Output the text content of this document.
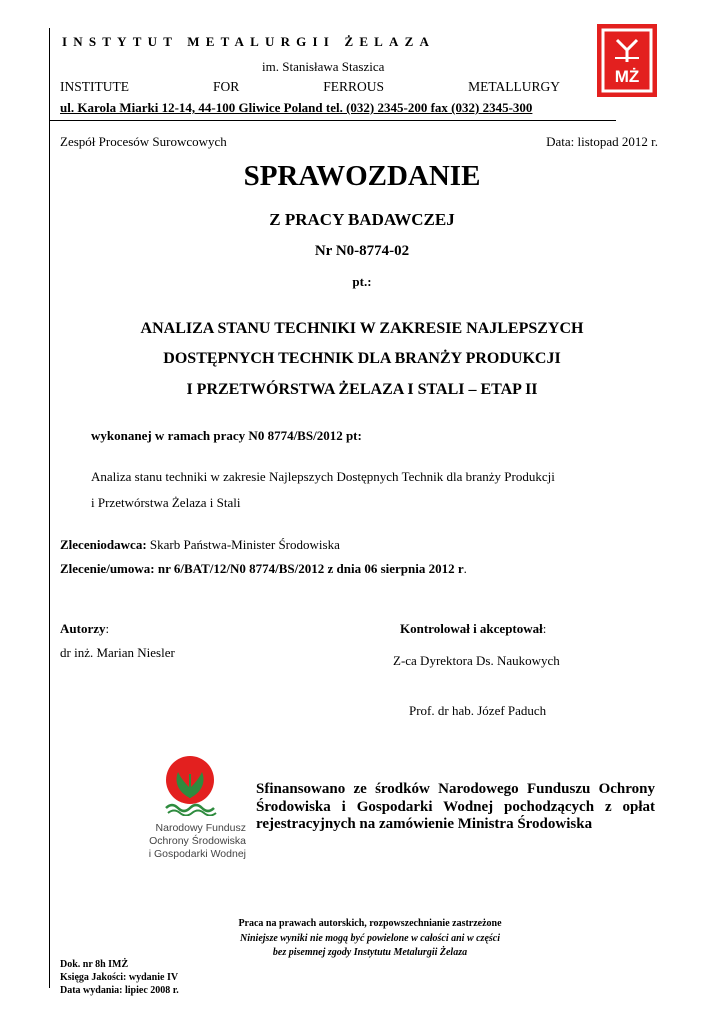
INSTYTUT METALURGII ŻELAZA
im. Stanisława Staszica
INSTITUTE	FOR	FERROUS	METALLURGY
ul. Karola Miarki 12-14, 44-100 Gliwice Poland tel. (032) 2345-200 fax (032) 2345-300
MŻ
Zespół Procesów Surowcowych	Data: listopad 2012 r.
SPRAWOZDANIE
Z PRACY BADAWCZEJ
Nr N0-8774-02
pt.:
ANALIZA STANU TECHNIKI W ZAKRESIE NAJLEPSZYCH
DOSTĘPNYCH TECHNIK DLA BRANŻY PRODUKCJI
I PRZETWÓRSTWA ŻELAZA I STALI – ETAP II
wykonanej w ramach pracy N0 8774/BS/2012 pt:
Analiza stanu techniki w zakresie Najlepszych Dostępnych Technik dla branży Produkcji
i Przetwórstwa Żelaza i Stali
Zleceniodawca: Skarb Państwa-Minister Środowiska
Zlecenie/umowa: nr 6/BAT/12/N0 8774/BS/2012 z dnia 06 sierpnia 2012 r.
Autorzy:
dr inż. Marian Niesler
Kontrolował i akceptował:
Z-ca Dyrektora Ds. Naukowych
Prof. dr hab. Józef Paduch
Narodowy Fundusz
Ochrony Środowiska
i Gospodarki Wodnej
Sfinansowano ze środków Narodowego Funduszu Ochrony Środowiska i Gospodarki Wodnej pochodzących z opłat rejestracyjnych na zamówienie Ministra Środowiska
Praca na prawach autorskich, rozpowszechnianie zastrzeżone
Niniejsze wyniki nie mogą być powielone w całości ani w części
bez pisemnej zgody Instytutu Metalurgii Żelaza
Dok. nr 8h IMŻ
Księga Jakości: wydanie IV
Data wydania: lipiec 2008 r.
